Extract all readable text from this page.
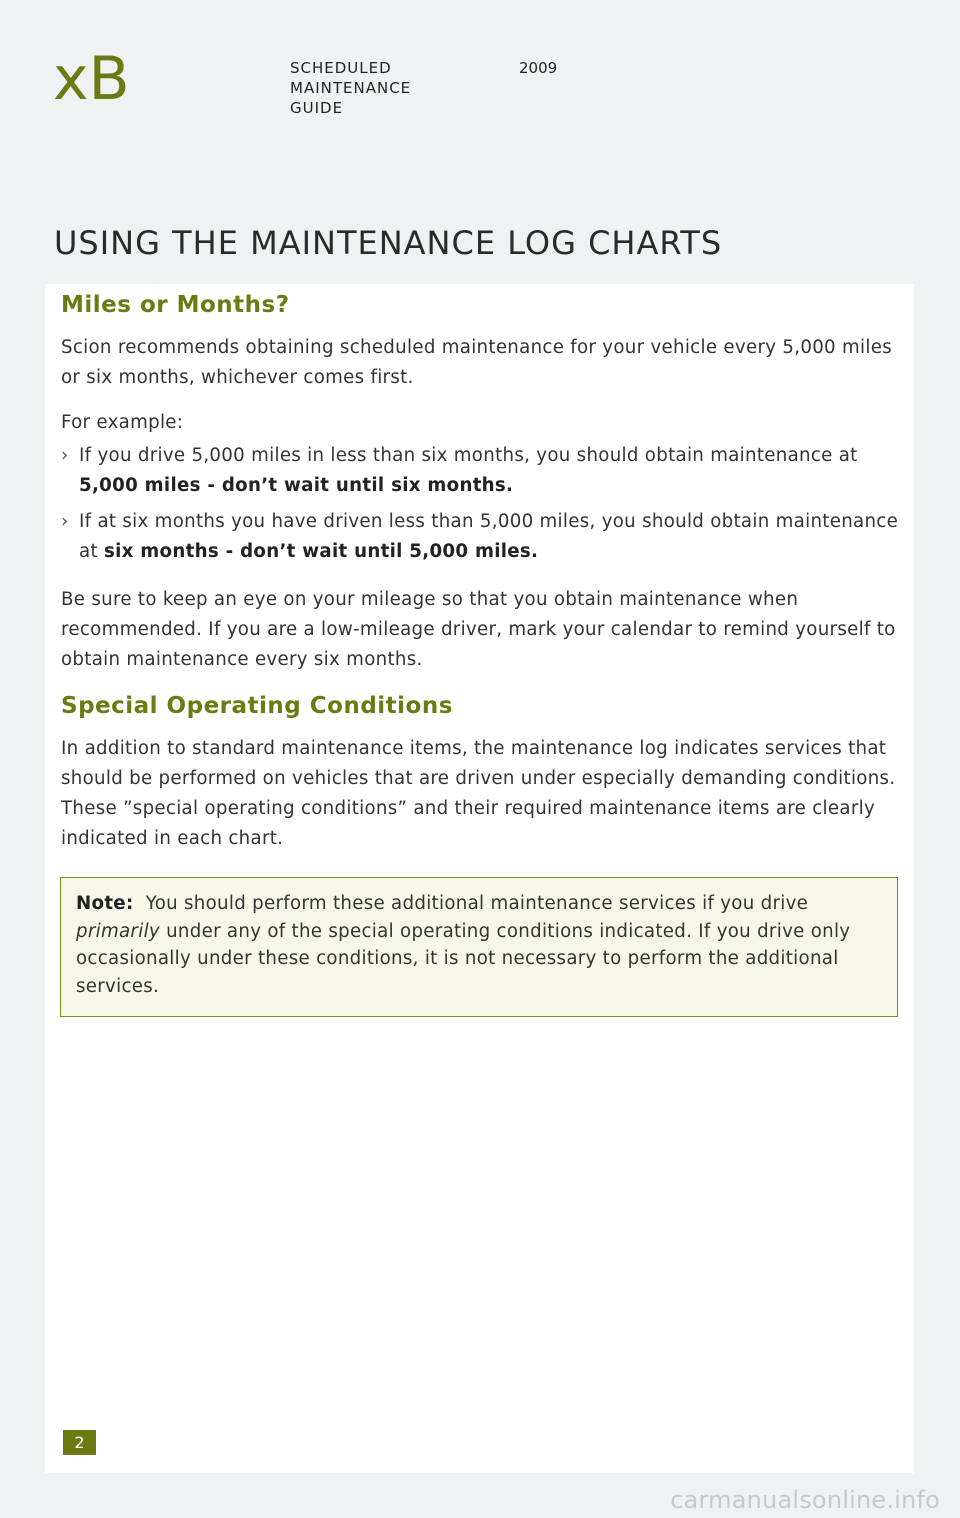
xB	SCHEDULED
MAINTENANCE
GUIDE
2009
USING THE MAINTENANCE LOG CHARTS
Miles or Months?

Scion recommends obtaining scheduled maintenance for your vehicle every 5,000 miles or six months, whichever comes first.

For example:

› If you drive 5,000 miles in less than six months, you should obtain maintenance at
5,000 miles - don’t wait until six months.
› If at six months you have driven less than 5,000 miles, you should obtain maintenance at six months - don’t wait until 5,000 miles.

Be sure to keep an eye on your mileage so that you obtain maintenance when recommended. If you are a low-mileage driver, mark your calendar to remind yourself to obtain maintenance every six months.

Special Operating Conditions

In addition to standard maintenance items, the maintenance log indicates services that should be performed on vehicles that are driven under especially demanding conditions. These ”special operating conditions” and their required maintenance items are clearly indicated in each chart.

Note: You should perform these additional maintenance services if you drive primarily under any of the special operating conditions indicated. If you drive only occasionally under these conditions, it is not necessary to perform the additional services.

2
carmanualsonline.info
